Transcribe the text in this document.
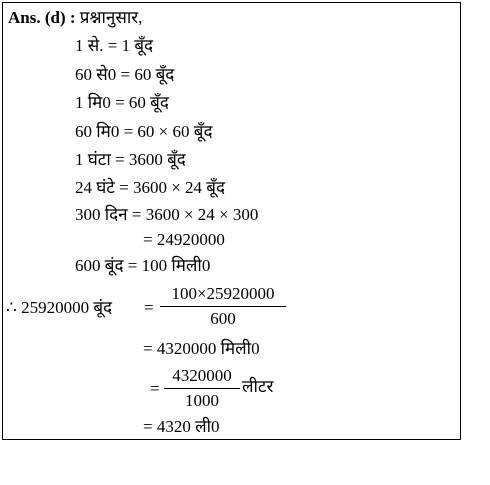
Ans. (d) : प्रश्नानुसार,
1 से. = 1 बूँद
60 से0 = 60 बूँद
1 मि0 = 60 बूँद
60 मि0 = 60 × 60 बूँद
1 घंटा = 3600 बूँद
24 घंटे = 3600 × 24 बूँद
300 दिन = 3600 × 24 × 300
= 24920000
600 बूंद = 100 मिली0
∴ 25920000 बूंद =
100×25920000
600
= 4320000 मिली0
=
4320000
1000
लीटर
= 4320 ली0
